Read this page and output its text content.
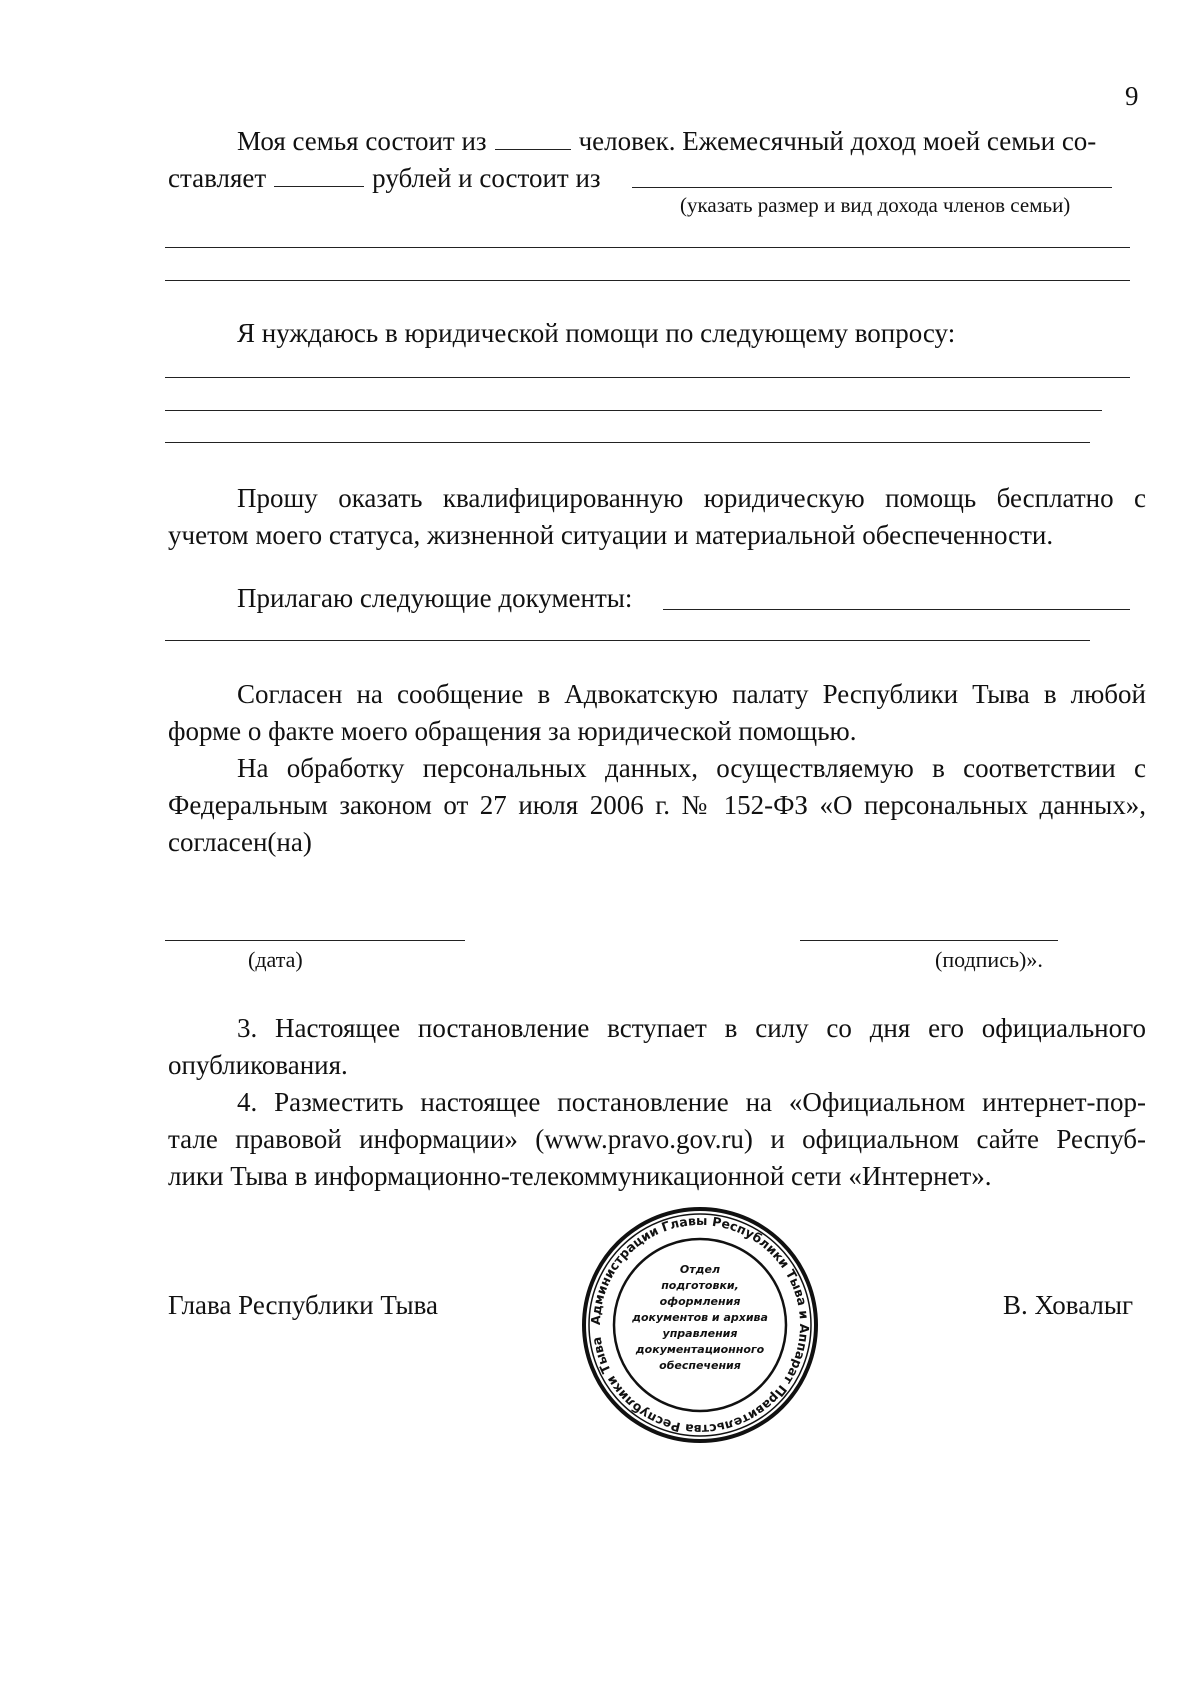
9
Моя семья состоит из	человек. Ежемесячный доход моей семьи со-
ставляет	рублей и состоит из
(указать размер и вид дохода членов семьи)
Я нуждаюсь в юридической помощи по следующему вопросу:
Прошу оказать квалифицированную юридическую помощь бесплатно с
учетом моего статуса, жизненной ситуации и материальной обеспеченности.
Прилагаю следующие документы:
Согласен на сообщение в Адвокатскую палату Республики Тыва в любой
форме о факте моего обращения за юридической помощью.
На обработку персональных данных, осуществляемую в соответствии с
Федеральным законом от 27 июля 2006 г. № 152-ФЗ «О персональных данных»,
согласен(на)
(дата)	(подпись)».
3. Настоящее постановление вступает в силу со дня его официального
опубликования.
4. Разместить настоящее постановление на «Официальном интернет-пор-
тале правовой информации» (www.pravo.gov.ru) и официальном сайте Респуб-
лики Тыва в информационно-телекоммуникационной сети «Интернет».
Глава Республики Тыва	В. Ховалыг
Администрации Главы Республики Тыва и Аппарат Правительства Республики Тыва
Отдел
подготовки,
оформления
документов и архива
управления
документационного
обеспечения
